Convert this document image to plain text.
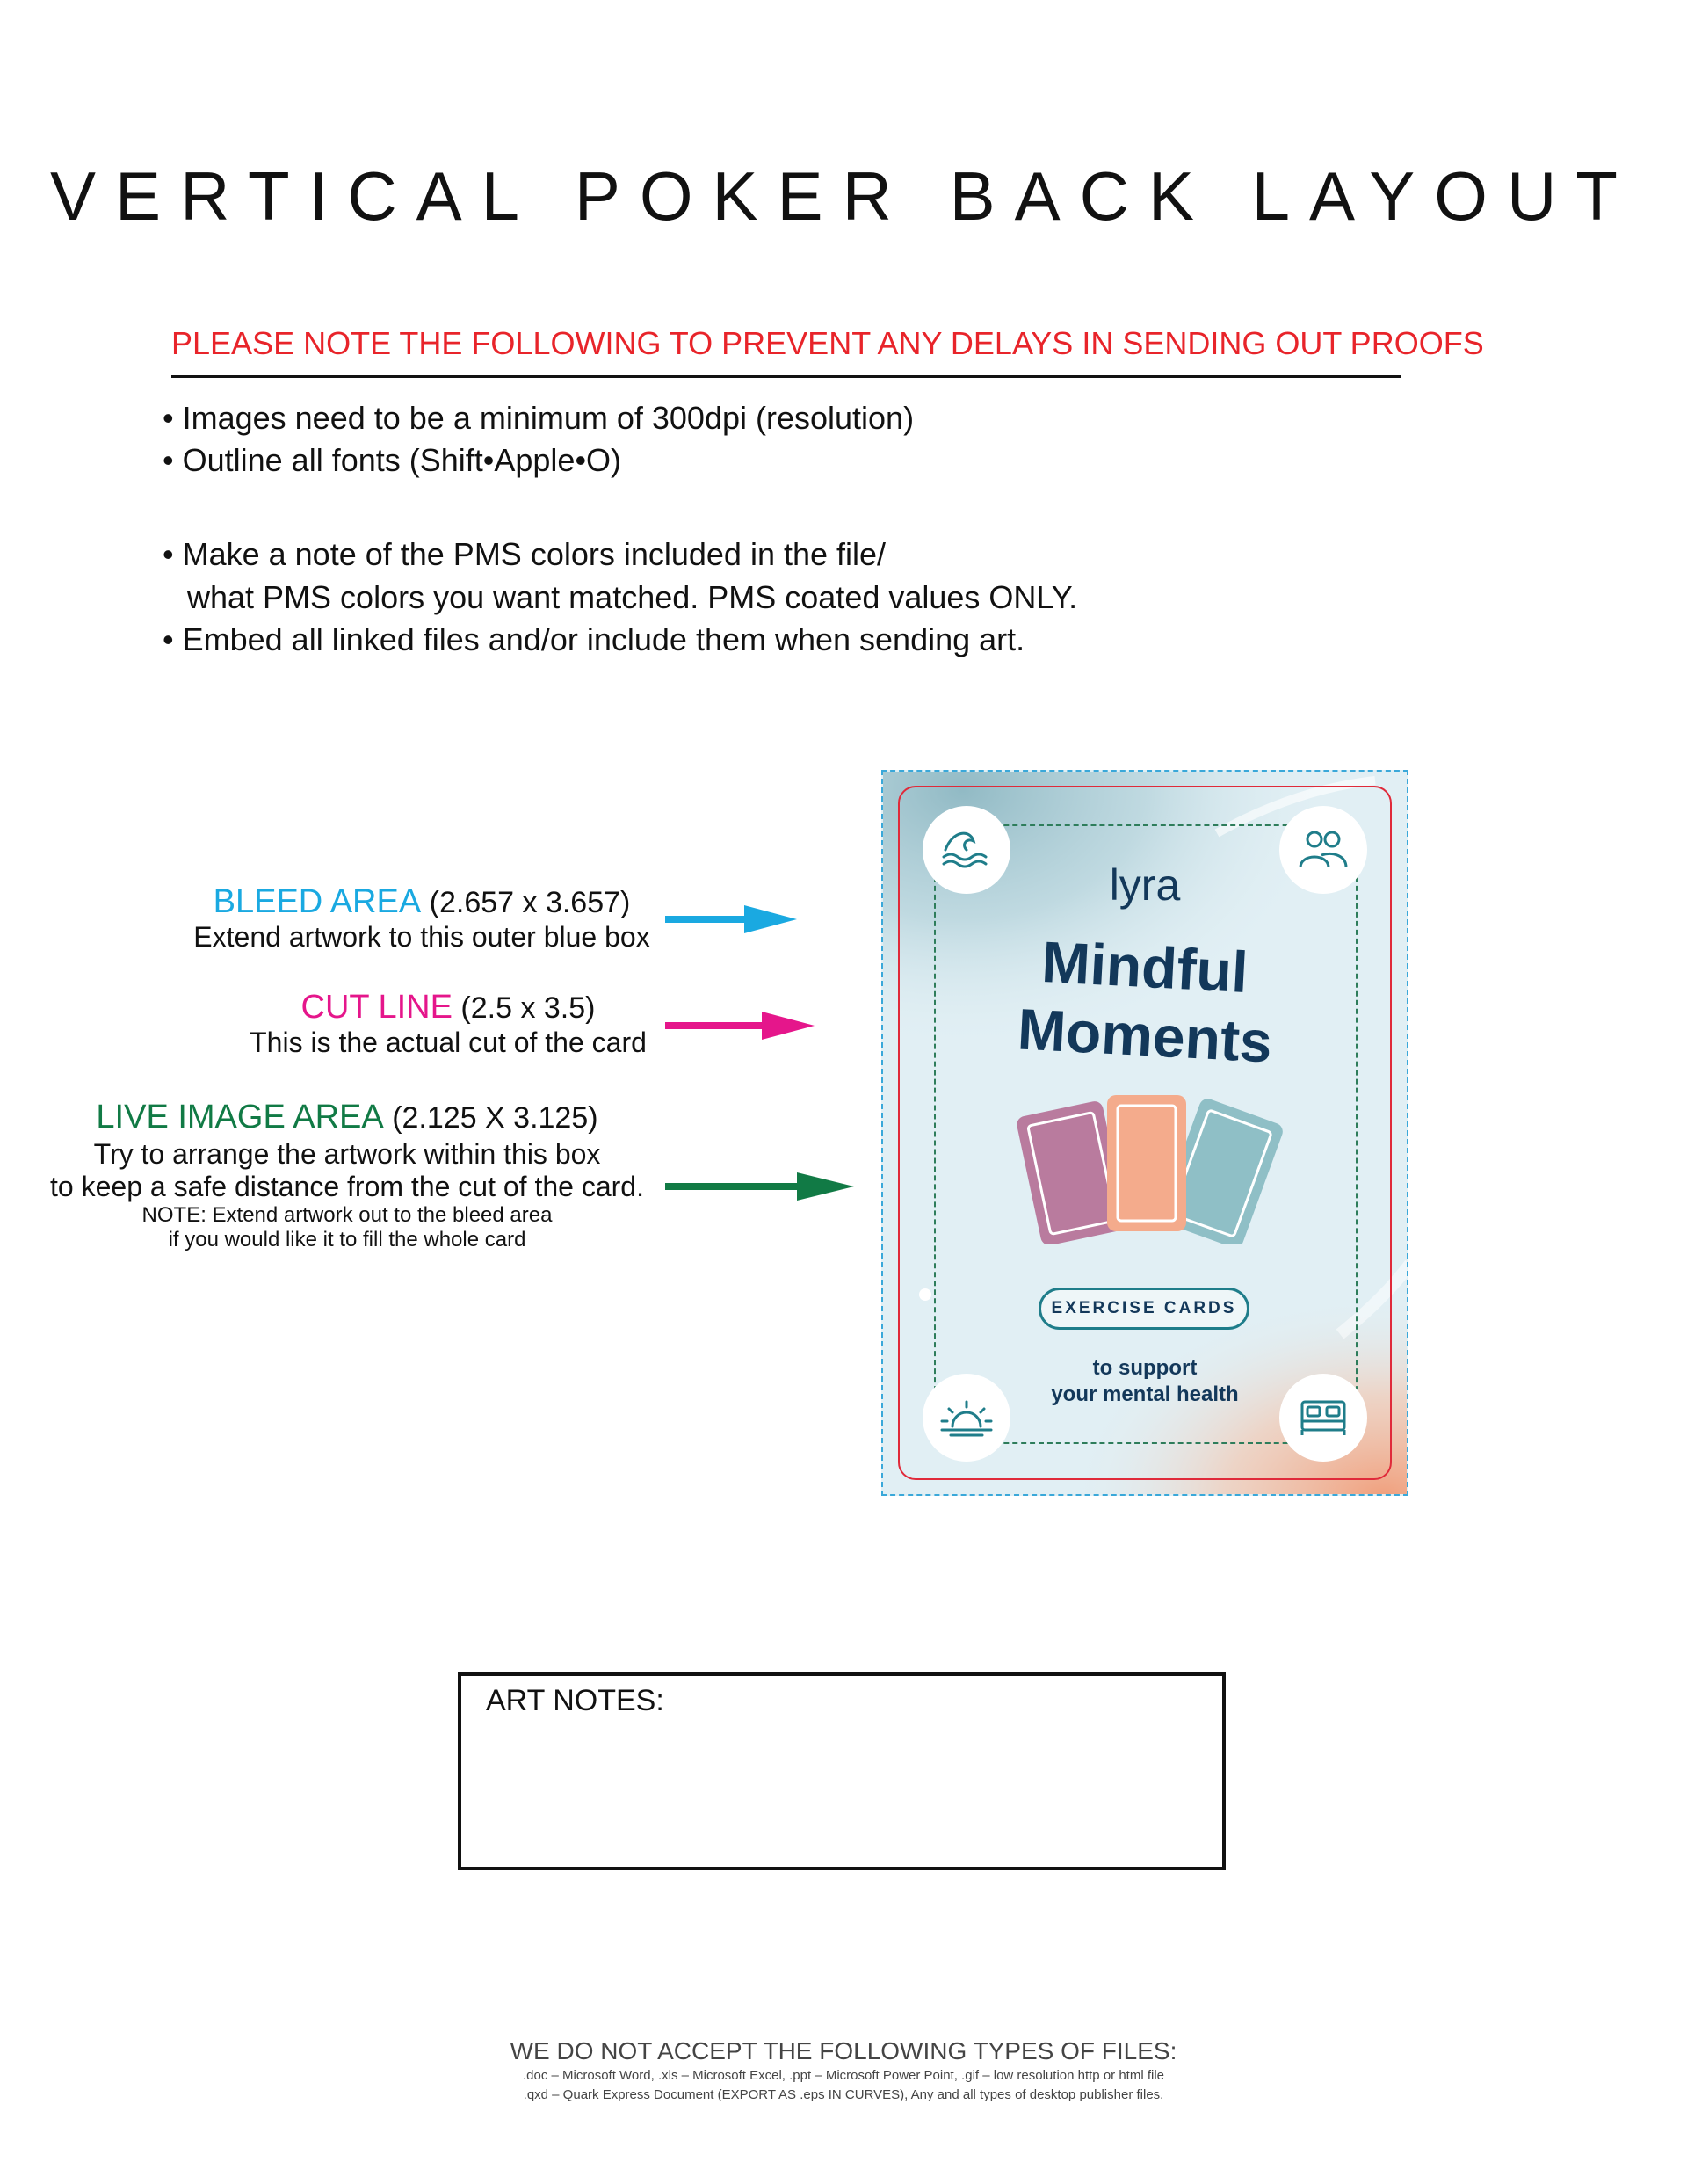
VERTICAL POKER BACK LAYOUT
PLEASE NOTE THE FOLLOWING TO PREVENT ANY DELAYS IN SENDING OUT PROOFS
• Images need to be a minimum of 300dpi (resolution)
• Outline all fonts (Shift•Apple•O)
• Make a note of the PMS colors included in the file/
what PMS colors you want matched. PMS coated values ONLY.
• Embed all linked files and/or include them when sending art.
BLEED AREA (2.657 x 3.657)
Extend artwork to this outer blue box
CUT LINE (2.5 x 3.5)
This is the actual cut of the card
LIVE IMAGE AREA (2.125 X 3.125)
Try to arrange the artwork within this box
to keep a safe distance from the cut of the card.
NOTE: Extend artwork out to the bleed area
if you would like it to fill the whole card
lyra
Mindful
Moments
EXERCISE CARDS
to support
your mental health
ART NOTES:
WE DO NOT ACCEPT THE FOLLOWING TYPES OF FILES:
.doc – Microsoft Word, .xls – Microsoft Excel, .ppt – Microsoft Power Point, .gif – low resolution http or html file
.qxd – Quark Express Document (EXPORT AS .eps IN CURVES), Any and all types of desktop publisher files.
